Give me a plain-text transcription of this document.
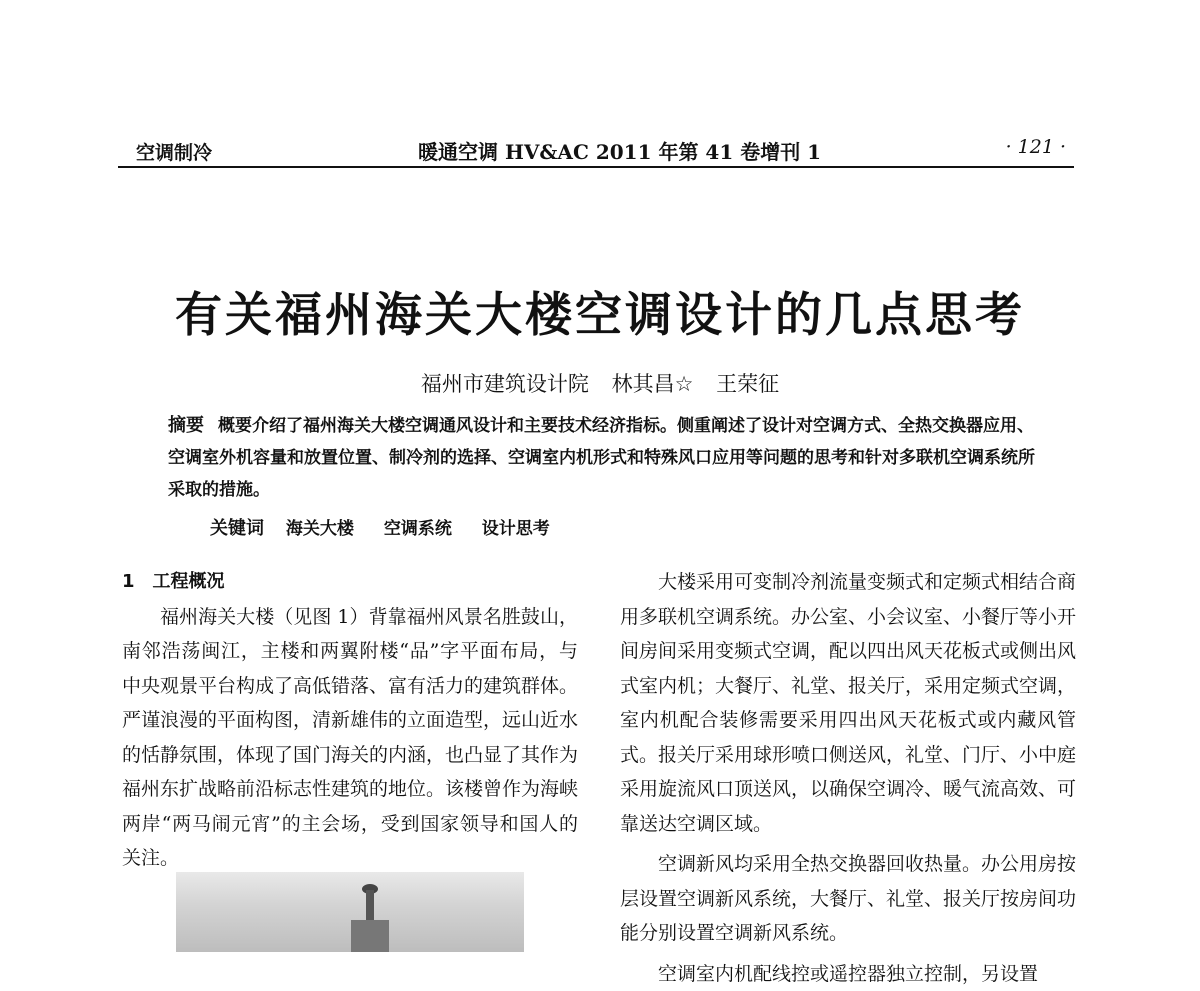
空调制冷	暖通空调 HV&AC 2011 年第 41 卷增刊 1	· 121 ·
有关福州海关大楼空调设计的几点思考
福州市建筑设计院 林其昌☆ 王荣征
摘要 概要介绍了福州海关大楼空调通风设计和主要技术经济指标。侧重阐述了设计对空调方式、全热交换器应用、空调室外机容量和放置位置、制冷剂的选择、空调室内机形式和特殊风口应用等问题的思考和针对多联机空调系统所采取的措施。
关键词 海关大楼 空调系统 设计思考
1 工程概况

福州海关大楼（见图 1）背靠福州风景名胜鼓山，南邻浩荡闽江，主楼和两翼附楼“品”字平面布局，与中央观景平台构成了高低错落、富有活力的建筑群体。严谨浪漫的平面构图，清新雄伟的立面造型，远山近水的恬静氛围，体现了国门海关的内涵，也凸显了其作为福州东扩战略前沿标志性建筑的地位。该楼曾作为海峡两岸“两马闹元宵”的主会场，受到国家领导和国人的关注。

大楼采用可变制冷剂流量变频式和定频式相结合商用多联机空调系统。办公室、小会议室、小餐厅等小开间房间采用变频式空调，配以四出风天花板式或侧出风式室内机；大餐厅、礼堂、报关厅，采用定频式空调，室内机配合装修需要采用四出风天花板式或内藏风管式。报关厅采用球形喷口侧送风，礼堂、门厅、小中庭采用旋流风口顶送风，以确保空调冷、暖气流高效、可靠送达空调区域。

空调新风均采用全热交换器回收热量。办公用房按层设置空调新风系统，大餐厅、礼堂、报关厅按房间功能分别设置空调新风系统。

空调室内机配线控或遥控器独立控制，另设置
